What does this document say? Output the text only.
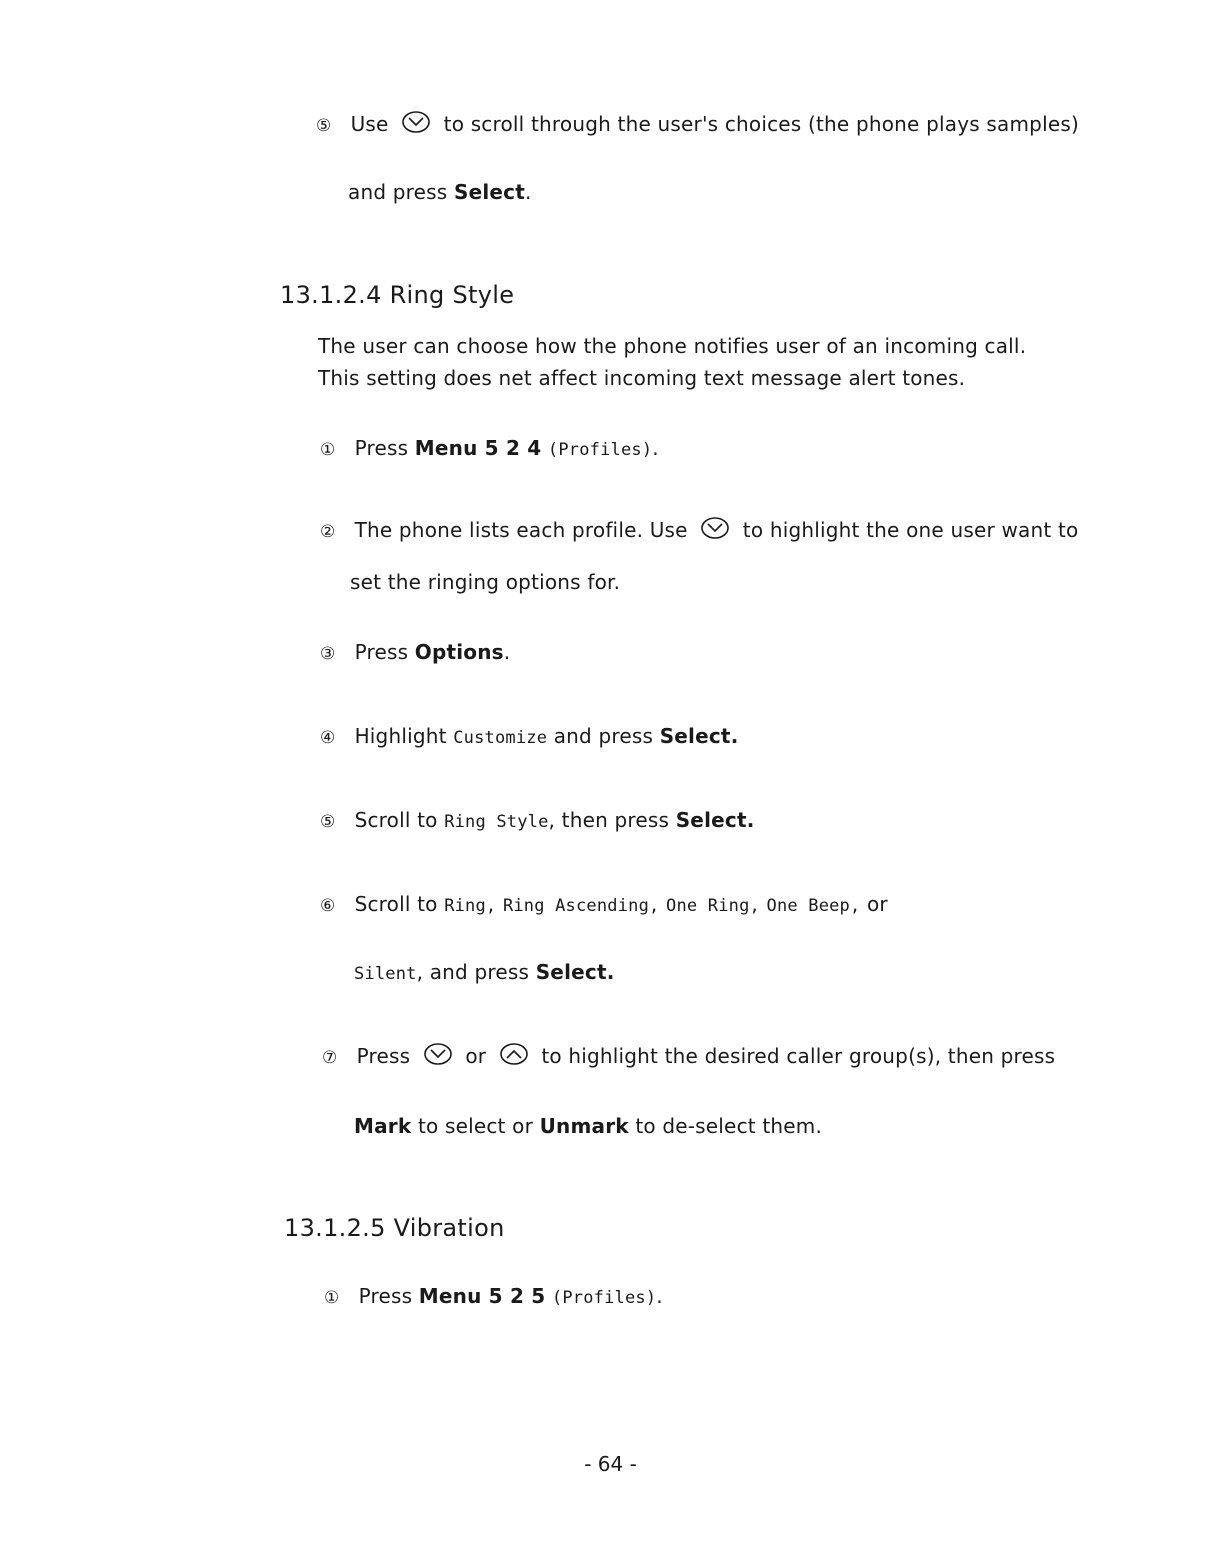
⑤ Use	to scroll through the user's choices (the phone plays samples)
and press Select.
13.1.2.4 Ring Style
The user can choose how the phone notifies user of an incoming call.
This setting does net affect incoming text message alert tones.
① Press Menu 5 2 4 (Profiles).
② The phone lists each profile. Use	to highlight the one user want to
set the ringing options for.
③ Press Options.
④ Highlight Customize and press Select.
⑤ Scroll to Ring Style, then press Select.
⑥ Scroll to Ring, Ring Ascending, One Ring, One Beep, or
Silent, and press Select.
⑦ Press	or	to highlight the desired caller group(s), then press
Mark to select or Unmark to de-select them.
13.1.2.5 Vibration
① Press Menu 5 2 5 (Profiles).
- 64 -
